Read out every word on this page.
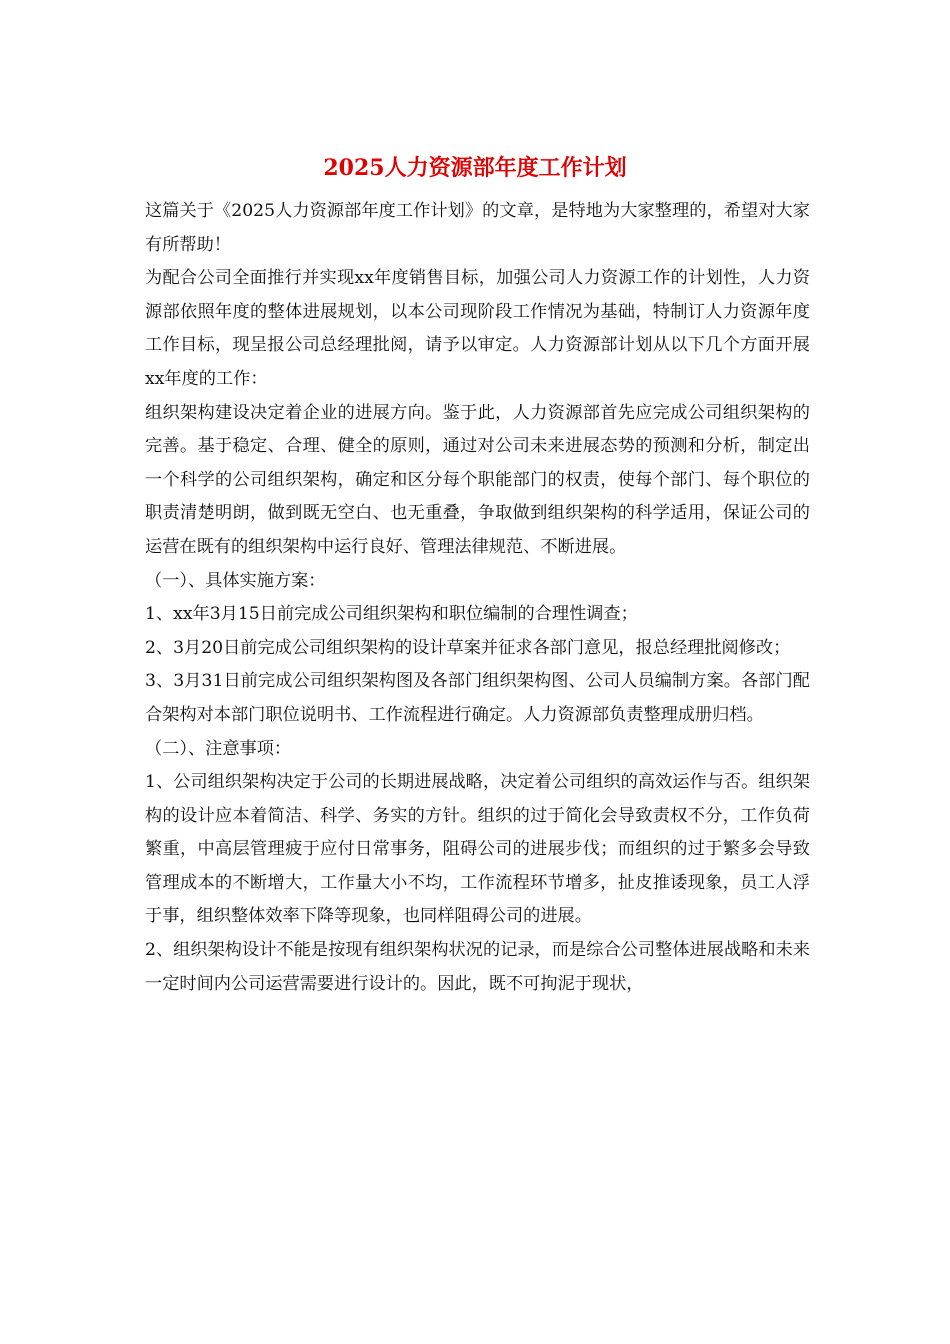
2025人力资源部年度工作计划

这篇关于《2025人力资源部年度工作计划》的文章，是特地为大家整理的，希望对大家有所帮助！

为配合公司全面推行并实现xx年度销售目标，加强公司人力资源工作的计划性，人力资源部依照年度的整体进展规划，以本公司现阶段工作情况为基础，特制订人力资源年度工作目标，现呈报公司总经理批阅，请予以审定。人力资源部计划从以下几个方面开展xx年度的工作：

组织架构建设决定着企业的进展方向。鉴于此，人力资源部首先应完成公司组织架构的完善。基于稳定、合理、健全的原则，通过对公司未来进展态势的预测和分析，制定出一个科学的公司组织架构，确定和区分每个职能部门的权责，使每个部门、每个职位的职责清楚明朗，做到既无空白、也无重叠，争取做到组织架构的科学适用，保证公司的运营在既有的组织架构中运行良好、管理法律规范、不断进展。

（一）、具体实施方案：

1、xx年3月15日前完成公司组织架构和职位编制的合理性调查；

2、3月20日前完成公司组织架构的设计草案并征求各部门意见，报总经理批阅修改；

3、3月31日前完成公司组织架构图及各部门组织架构图、公司人员编制方案。各部门配合架构对本部门职位说明书、工作流程进行确定。人力资源部负责整理成册归档。

（二）、注意事项：

1、公司组织架构决定于公司的长期进展战略，决定着公司组织的高效运作与否。组织架构的设计应本着简洁、科学、务实的方针。组织的过于简化会导致责权不分，工作负荷繁重，中高层管理疲于应付日常事务，阻碍公司的进展步伐；而组织的过于繁多会导致管理成本的不断增大，工作量大小不均，工作流程环节增多，扯皮推诿现象，员工人浮于事，组织整体效率下降等现象，也同样阻碍公司的进展。

2、组织架构设计不能是按现有组织架构状况的记录，而是综合公司整体进展战略和未来一定时间内公司运营需要进行设计的。因此，既不可拘泥于现状，
